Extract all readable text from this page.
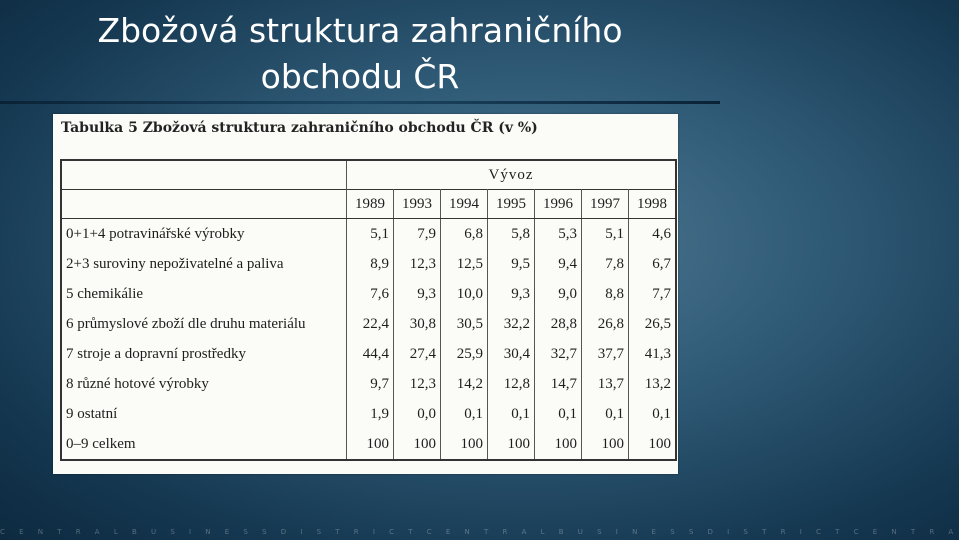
Zbožová struktura zahraničního
obchodu ČR
Tabulka 5 Zbožová struktura zahraničního obchodu ČR (v %)
	Vývoz						
	1989	1993	1994	1995	1996	1997	1998
0+1+4 potravinářské výrobky	5,1	7,9	6,8	5,8	5,3	5,1	4,6
2+3 suroviny nepoživatelné a paliva	8,9	12,3	12,5	9,5	9,4	7,8	6,7
5 chemikálie	7,6	9,3	10,0	9,3	9,0	8,8	7,7
6 průmyslové zboží dle druhu materiálu	22,4	30,8	30,5	32,2	28,8	26,8	26,5
7 stroje a dopravní prostředky	44,4	27,4	25,9	30,4	32,7	37,7	41,3
8 různé hotové výrobky	9,7	12,3	14,2	12,8	14,7	13,7	13,2
9 ostatní	1,9	0,0	0,1	0,1	0,1	0,1	0,1
0–9 celkem	100	100	100	100	100	100	100
C E N T R A L B U S I N E S S D I S T R I C T C E N T R A L B U S I N E S S D I S T R I C T C E N T R A
